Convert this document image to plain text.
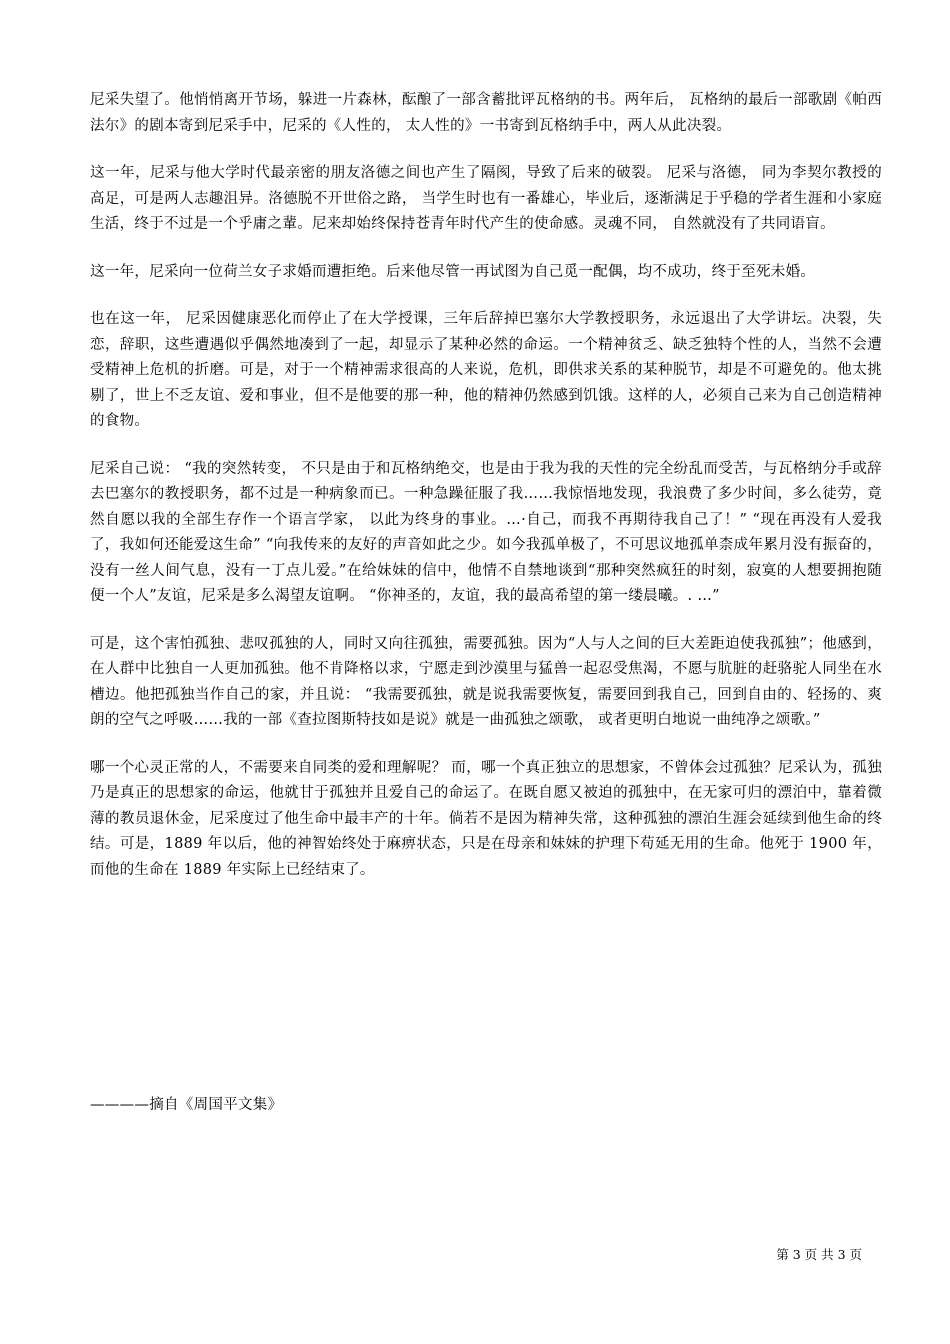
尼采失望了。他悄悄离开节场，躲进一片森林，酝酿了一部含蓄批评瓦格纳的书。两年后， 瓦格纳的最后一部歌剧《帕西法尔》的剧本寄到尼采手中，尼采的《人性的， 太人性的》一书寄到瓦格纳手中，两人从此决裂。

这一年，尼采与他大学时代最亲密的朋友洛德之间也产生了隔阂，导致了后来的破裂。 尼采与洛德， 同为李契尔教授的高足，可是两人志趣沮异。洛德脱不开世俗之路， 当学生时也有一番雄心，毕业后，逐渐满足于乎稳的学者生涯和小家庭生活，终于不过是一个乎庸之輩。尼来却始终保持苍青年时代产生的使命感。灵魂不同， 自然就没有了共同语盲。

这一年，尼采向一位荷兰女子求婚而遭拒绝。后来他尽管一再试图为自己觅一配偶，均不成功，终于至死未婚。

也在这一年， 尼采因健康恶化而停止了在大学授课，三年后辞掉巴塞尔大学教授职务，永远退出了大学讲坛。决裂，失恋，辞职，这些遭遇似乎偶然地凑到了一起，却显示了某种必然的命运。一个精神贫乏、缺乏独特个性的人，当然不会遭受精神上危机的折磨。可是，对于一个精神需求很高的人来说，危机，即供求关系的某种脱节，却是不可避免的。他太挑剔了，世上不乏友谊、爱和事业，但不是他要的那一种，他的精神仍然感到饥饿。这样的人，必须自己来为自己创造精神的食物。

尼采自己说： “我的突然转变， 不只是由于和瓦格纳绝交，也是由于我为我的天性的完全纷乱而受苦，与瓦格纳分手或辞去巴塞尔的教授职务，都不过是一种病象而已。一种急躁征服了我……我惊悟地发现，我浪费了多少时间，多么徒劳，竟然自愿以我的全部生存作一个语言学家， 以此为终身的事业。…·自己，而我不再期待我自己了！” “现在再没有人爱我了，我如何还能爱这生命” “向我传来的友好的声音如此之少。如今我孤单极了，不可思议地孤单柰成年累月没有振奋的，没有一丝人间气息，没有一丁点儿爱。”在给妹妹的信中，他情不自禁地谈到“那种突然疯狂的时刻，寂寞的人想要拥抱随便一个人”友谊，尼采是多么渴望友谊啊。 “你神圣的，友谊，我的最高希望的第一缕晨曦。. …”

可是，这个害怕孤独、悲叹孤独的人，同时又向往孤独，需要孤独。因为“人与人之间的巨大差距迫使我孤独”；他感到，在人群中比独自一人更加孤独。他不肯降格以求，宁愿走到沙漠里与猛兽一起忍受焦渴，不愿与肮脏的赶骆驼人同坐在水槽边。他把孤独当作自己的家，并且说： “我需要孤独，就是说我需要恢复，需要回到我自己，回到自由的、轻扬的、爽朗的空气之呼吸……我的一部《查拉图斯特技如是说》就是一曲孤独之颂歌， 或者更明白地说一曲纯净之颂歌。”

哪一个心灵正常的人，不需要来自同类的爱和理解呢？ 而，哪一个真正独立的思想家，不曾体会过孤独？尼采认为，孤独乃是真正的思想家的命运，他就甘于孤独并且爱自己的命运了。在既自愿又被迫的孤独中，在无家可归的漂泊中，靠着微薄的教员退休金，尼采度过了他生命中最丰产的十年。倘若不是因为精神失常，这种孤独的漂泊生涯会延续到他生命的终结。可是，1889 年以后，他的神智始终处于麻痹状态，只是在母亲和妹妹的护理下苟延无用的生命。他死于 1900 年，而他的生命在 1889 年实际上已经结束了。

————摘自《周国平文集》
第 3 页 共 3 页
